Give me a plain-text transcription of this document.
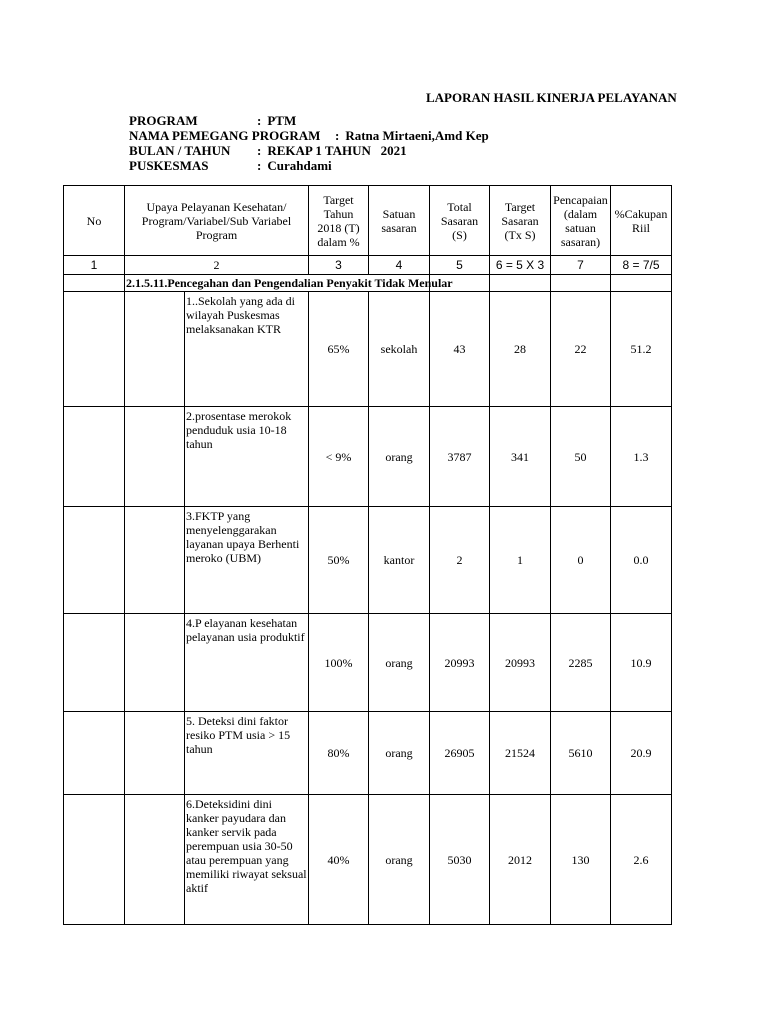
LAPORAN HASIL KINERJA PELAYANAN
PROGRAM	: PTM
NAMA PEMEGANG PROGRAM : Ratna Mirtaeni,Amd Kep
BULAN / TAHUN : REKAP 1 TAHUN   2021
PUSKESMAS	: Curahdami
No	Upaya Pelayanan Kesehatan/ Program/Variabel/Sub Variabel Program		Target Tahun 2018 (T) dalam %	Satuan sasaran	Total Sasaran (S)	Target Sasaran (Tx S)	Pencapaian (dalam satuan sasaran)	%Cakupan Riil
1	2		3	4	5	6 = 5 X 3	7	8 = 7/5
	2.1.5.11.Pencegahan dan Pengendalian Penyakit Tidak Menular							
		1..Sekolah yang ada di wilayah Puskesmas melaksanakan KTR	65%	sekolah	43	28	22	51.2
		2.prosentase merokok penduduk usia 10-18 tahun	< 9%	orang	3787	341	50	1.3
		3.FKTP yang menyelenggarakan layanan upaya Berhenti meroko (UBM)	50%	kantor	2	1	0	0.0
		4.P elayanan kesehatan pelayanan usia produktif	100%	orang	20993	20993	2285	10.9
		5. Deteksi dini faktor resiko PTM usia > 15 tahun	80%	orang	26905	21524	5610	20.9
		6.Deteksidini dini kanker payudara dan kanker servik pada perempuan usia 30-50 atau perempuan yang memiliki riwayat seksual aktif	40%	orang	5030	2012	130	2.6
